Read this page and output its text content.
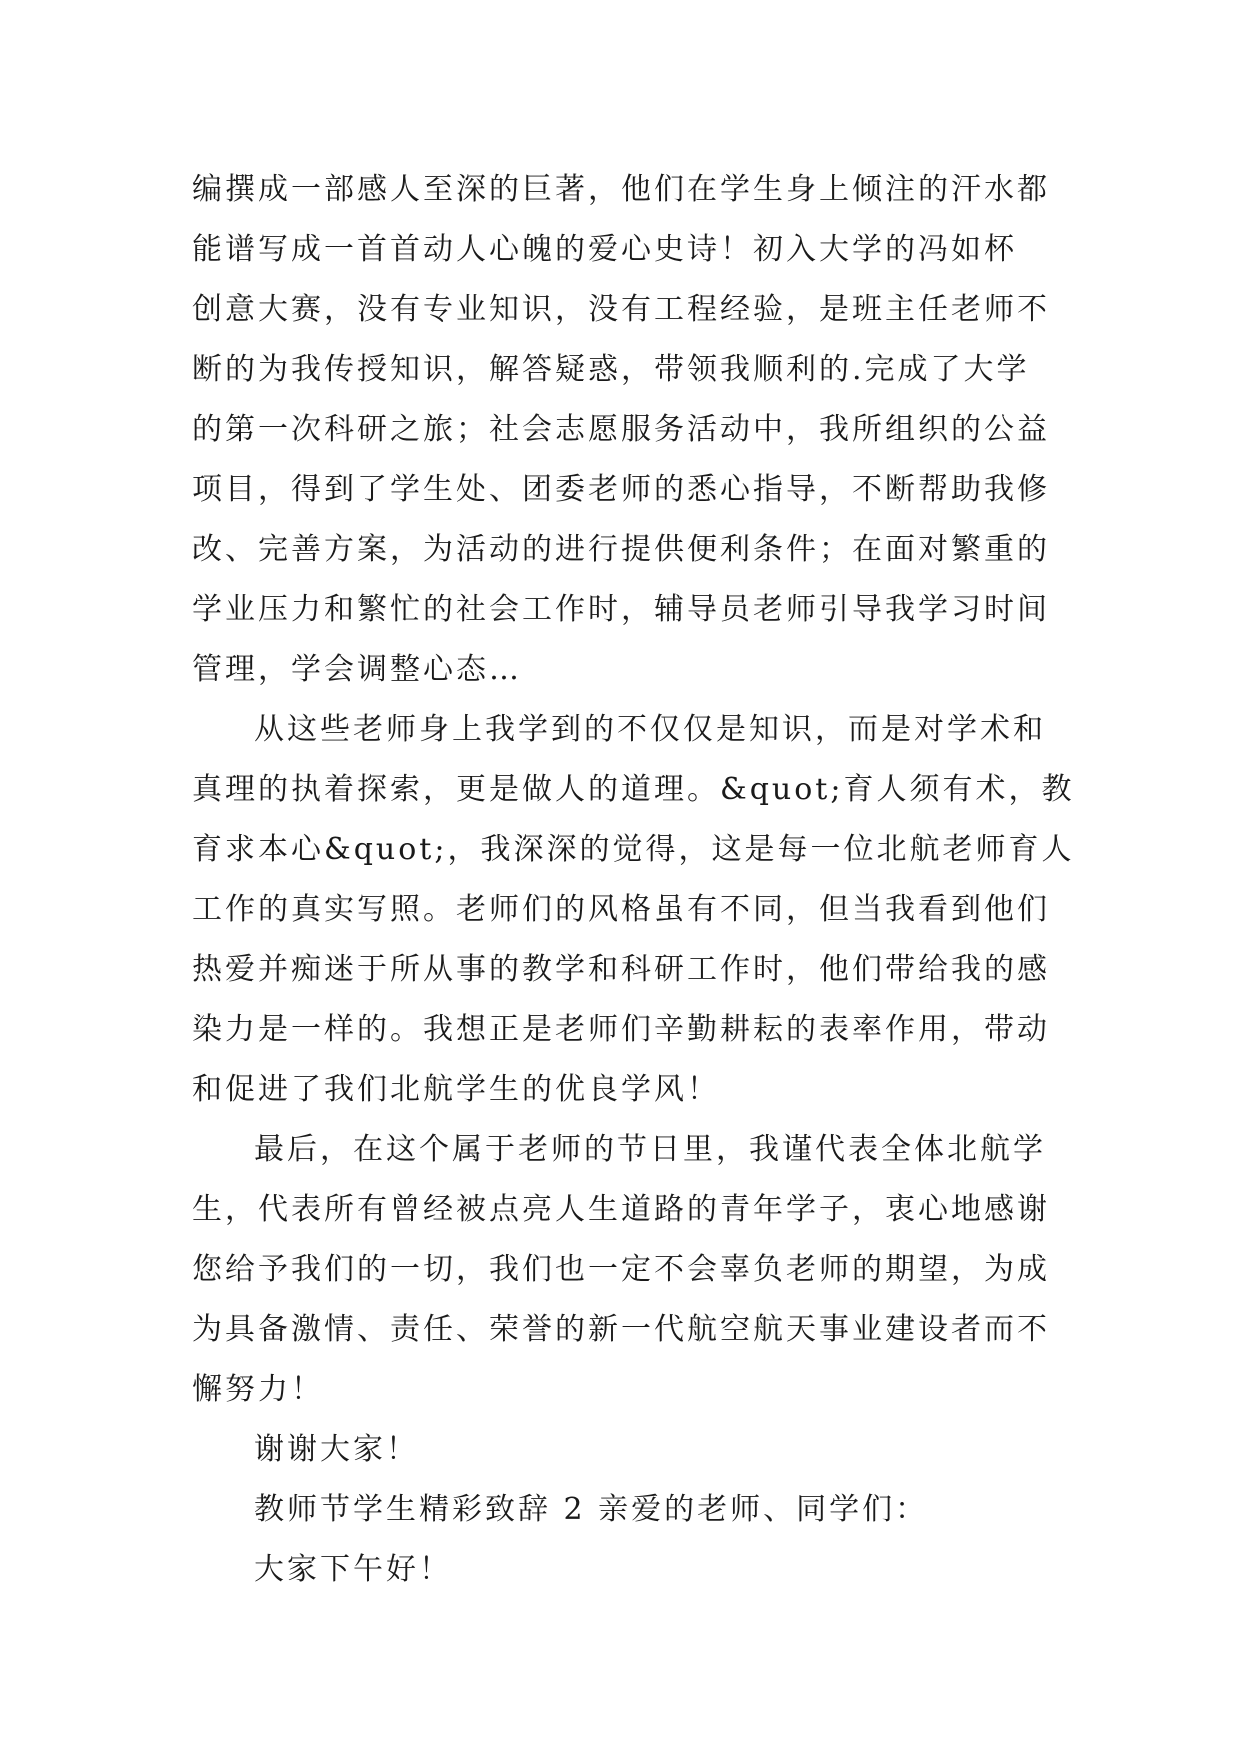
编撰成一部感人至深的巨著，他们在学生身上倾注的汗水都
能谱写成一首首动人心魄的爱心史诗！初入大学的冯如杯
创意大赛，没有专业知识，没有工程经验，是班主任老师不
断的为我传授知识，解答疑惑，带领我顺利的.完成了大学
的第一次科研之旅；社会志愿服务活动中，我所组织的公益
项目，得到了学生处、团委老师的悉心指导，不断帮助我修
改、完善方案，为活动的进行提供便利条件；在面对繁重的
学业压力和繁忙的社会工作时，辅导员老师引导我学习时间
管理，学会调整心态…
从这些老师身上我学到的不仅仅是知识，而是对学术和
真理的执着探索，更是做人的道理。&quot;育人须有术，教
育求本心&quot;，我深深的觉得，这是每一位北航老师育人
工作的真实写照。老师们的风格虽有不同，但当我看到他们
热爱并痴迷于所从事的教学和科研工作时，他们带给我的感
染力是一样的。我想正是老师们辛勤耕耘的表率作用，带动
和促进了我们北航学生的优良学风！
最后，在这个属于老师的节日里，我谨代表全体北航学
生，代表所有曾经被点亮人生道路的青年学子，衷心地感谢
您给予我们的一切，我们也一定不会辜负老师的期望，为成
为具备激情、责任、荣誉的新一代航空航天事业建设者而不
懈努力！
谢谢大家！
教师节学生精彩致辞 2 亲爱的老师、同学们：
大家下午好！
